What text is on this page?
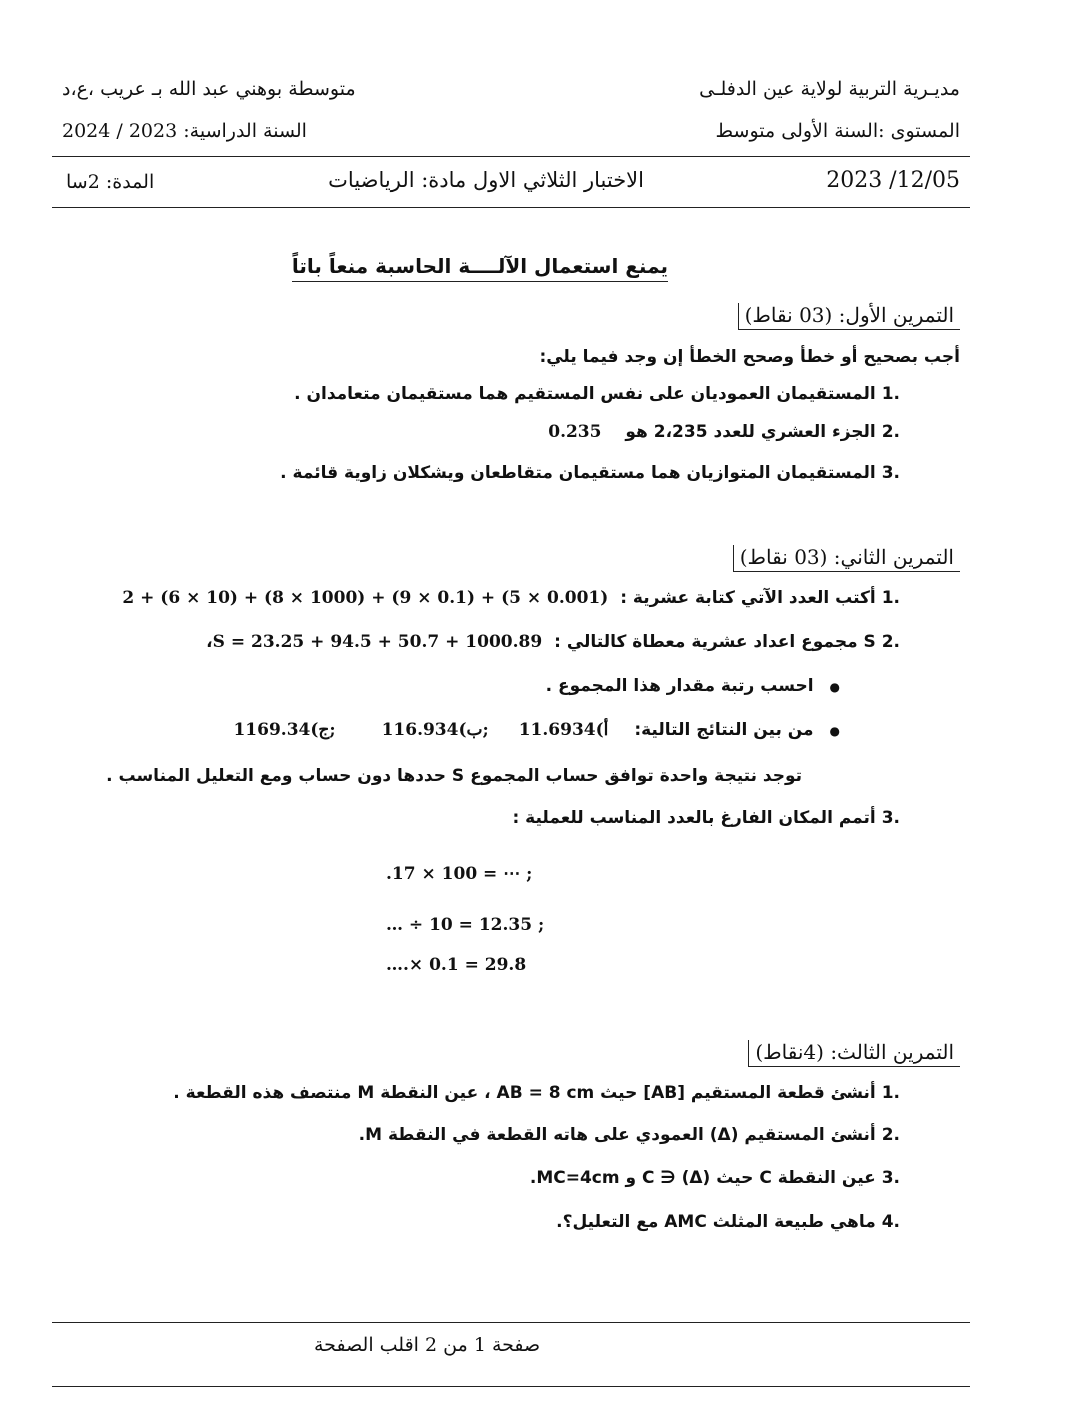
مديـرية التربية لولاية عين الدفلـى
متوسطة بوهني عبد الله بـ عريب ،ع،د
المستوى :السنة الأولى متوسط
السنة الدراسية: 2023 / 2024
2023 /12/05
الاختبار الثلاثي الاول مادة: الرياضيات
المدة: 2سا
يمنع استعمال الآلــــة الحاسبة منعاً باتاً
التمرين الأول: (03 نقاط)
أجب بصحيح أو خطأ وصحح الخطأ إن وجد فيما يلي:
.1 المستقيمان العموديان على نفس المستقيم هما مستقيمان متعامدان .
.2 الجزء العشري للعدد 2،235 هو 0.235
.3 المستقيمان المتوازيان هما مستقيمان متقاطعان ويشكلان زاوية قائمة .
التمرين الثاني: (03 نقاط)
.1 أكتب العدد الآتي كتابة عشرية : 2 + (6 × 10) + (8 × 1000) + (9 × 0.1) + (5 × 0.001)
.2 S مجموع اعداد عشرية معطاة كالتالي : S = 23.25 + 94.5 + 50.7 + 1000.89،
● احسب رتبة مقدار هذا المجموع .
● من بين النتائج التالية: أ)11.6934 ;ب)116.934 ;ج)1169.34
توجد نتيجة واحدة توافق حساب المجموع S حددها دون حساب ومع التعليل المناسب .
.3 أتمم المكان الفارغ بالعدد المناسب للعملية :
.17 × 100 = ⋯ ;
… ÷ 10 = 12.35 ;
….× 0.1 = 29.8
التمرين الثالث: (4نقاط)
.1 أنشئ قطعة المستقيم [AB] حيث AB = 8 cm ، عين النقطة M منتصف هذه القطعة .
.2 أنشئ المستقيم (Δ) العمودي على هاته القطعة في النقطة M.
.3 عين النقطة C حيث (Δ) ∈ C و MC=4cm.
.4 ماهي طبيعة المثلث AMC مع التعليل؟.
صفحة 1 من 2 اقلب الصفحة
